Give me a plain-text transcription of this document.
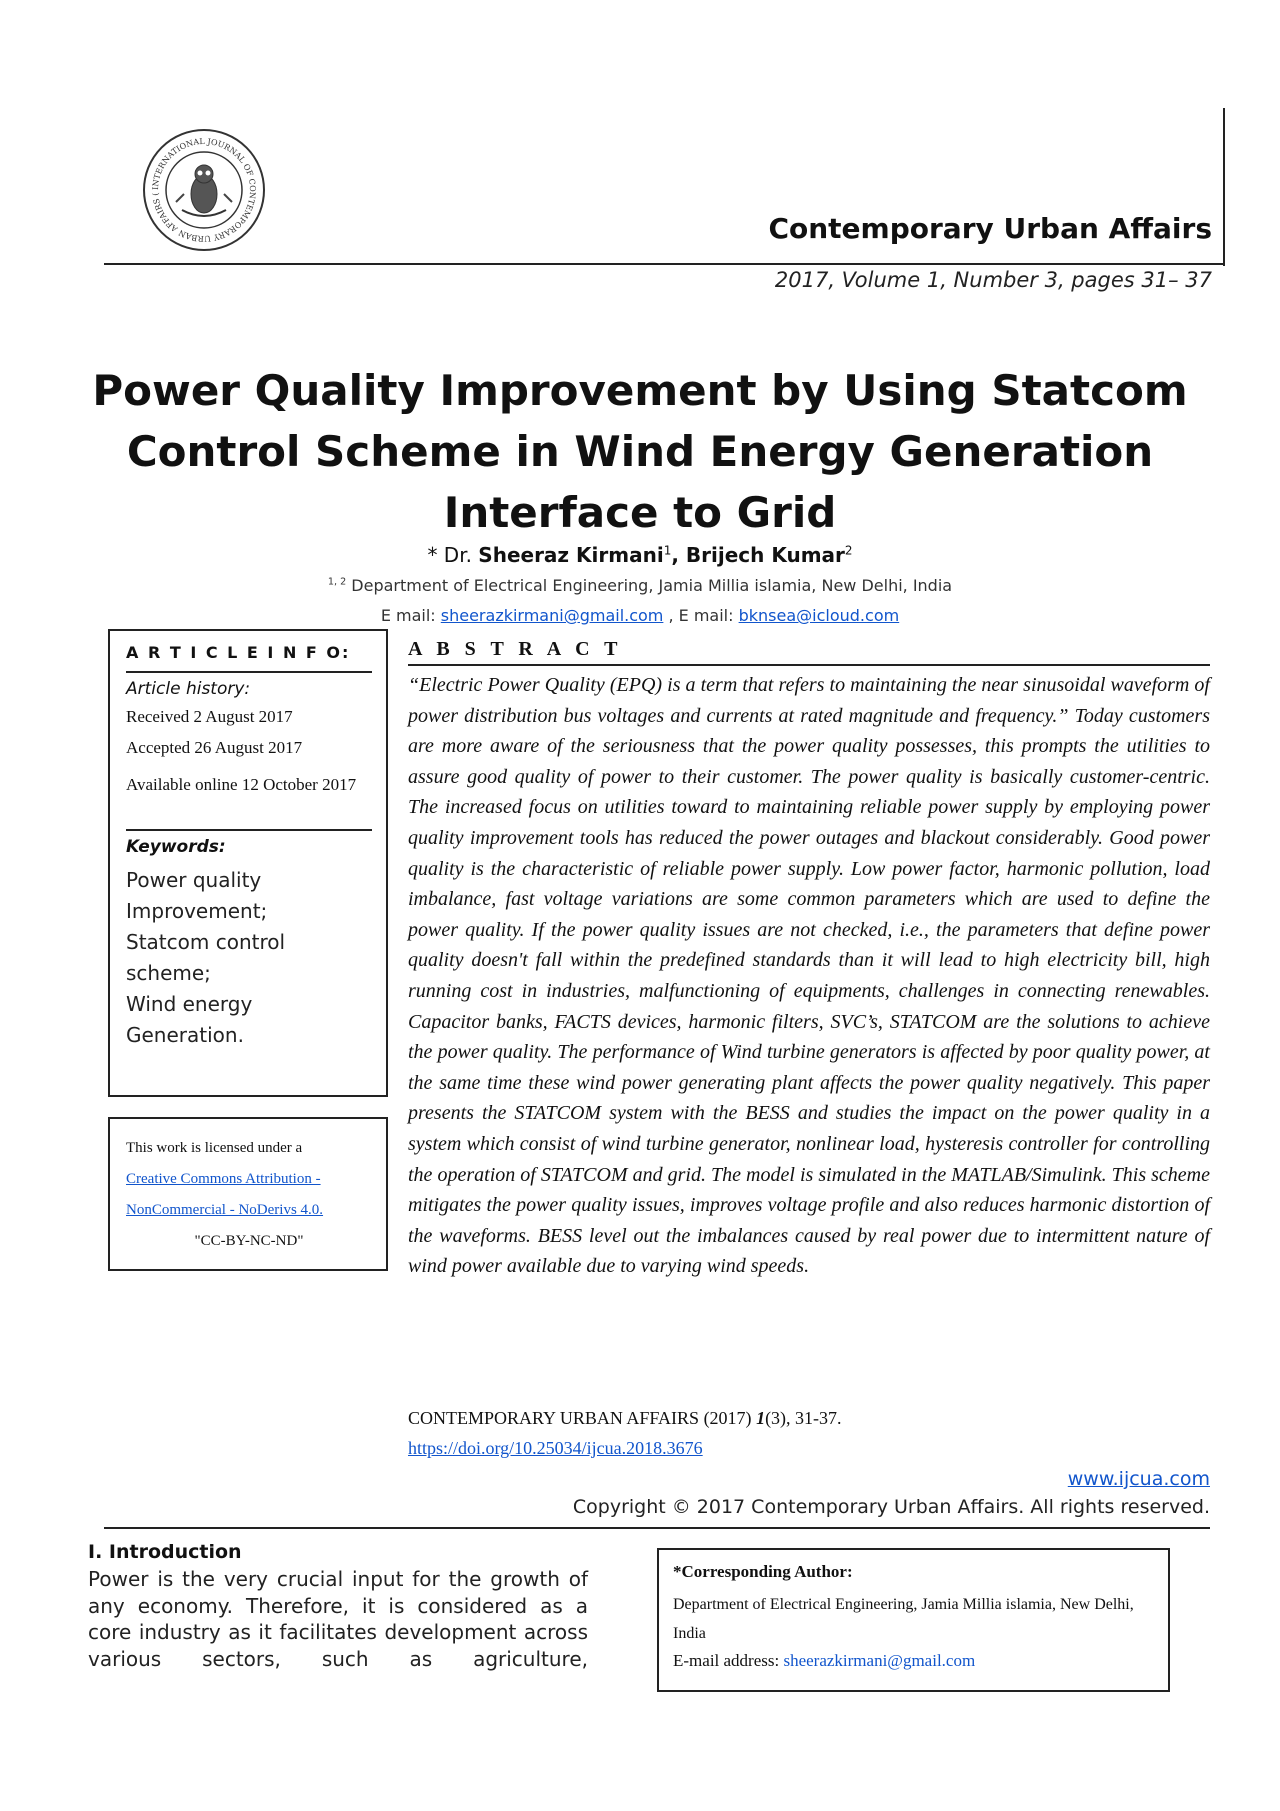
INTERNATIONAL JOURNAL OF CONTEMPORARY URBAN AFFAIRS (
Contemporary Urban Affairs
2017, Volume 1, Number 3, pages 31– 37
Power Quality Improvement by Using Statcom Control Scheme in Wind Energy Generation Interface to Grid
* Dr. Sheeraz Kirmani$^1$, Brijech Kumar$^2$
$^{1, 2}$ Department of Electrical Engineering, Jamia Millia islamia, New Delhi, India
E mail: sheerazkirmani@gmail.com , E mail: bknsea@icloud.com
A R T I C L E I N F O:
Article history:
Received 2 August 2017
Accepted 26 August 2017
Available online 12 October 2017
Keywords:
Power quality Improvement;
Statcom control scheme;
Wind energy Generation.
This work is licensed under a
Creative Commons Attribution -
NonCommercial - NoDerivs 4.0.
"CC-BY-NC-ND"
A B S T R A C T
“Electric Power Quality (EPQ) is a term that refers to maintaining the near sinusoidal waveform of power distribution bus voltages and currents at rated magnitude and frequency.” Today customers are more aware of the seriousness that the power quality possesses, this prompts the utilities to assure good quality of power to their customer. The power quality is basically customer-centric. The increased focus on utilities toward to maintaining reliable power supply by employing power quality improvement tools has reduced the power outages and blackout considerably. Good power quality is the characteristic of reliable power supply. Low power factor, harmonic pollution, load imbalance, fast voltage variations are some common parameters which are used to define the power quality. If the power quality issues are not checked, i.e., the parameters that define power quality doesn't fall within the predefined standards than it will lead to high electricity bill, high running cost in industries, malfunctioning of equipments, challenges in connecting renewables. Capacitor banks, FACTS devices, harmonic filters, SVC’s, STATCOM are the solutions to achieve the power quality. The performance of Wind turbine generators is affected by poor quality power, at the same time these wind power generating plant affects the power quality negatively. This paper presents the STATCOM system with the BESS and studies the impact on the power quality in a system which consist of wind turbine generator, nonlinear load, hysteresis controller for controlling the operation of STATCOM and grid. The model is simulated in the MATLAB/Simulink. This scheme mitigates the power quality issues, improves voltage profile and also reduces harmonic distortion of the waveforms. BESS level out the imbalances caused by real power due to intermittent nature of wind power available due to varying wind speeds.
CONTEMPORARY URBAN AFFAIRS (2017) 1(3), 31-37.
https://doi.org/10.25034/ijcua.2018.3676
www.ijcua.com
Copyright © 2017 Contemporary Urban Affairs. All rights reserved.
I. Introduction
Power is the very crucial input for the growth of any economy. Therefore, it is considered as a core industry as it facilitates development across various sectors, such as agriculture,
*Corresponding Author:
Department of Electrical Engineering, Jamia Millia islamia, New Delhi, India
E-mail address: sheerazkirmani@gmail.com
